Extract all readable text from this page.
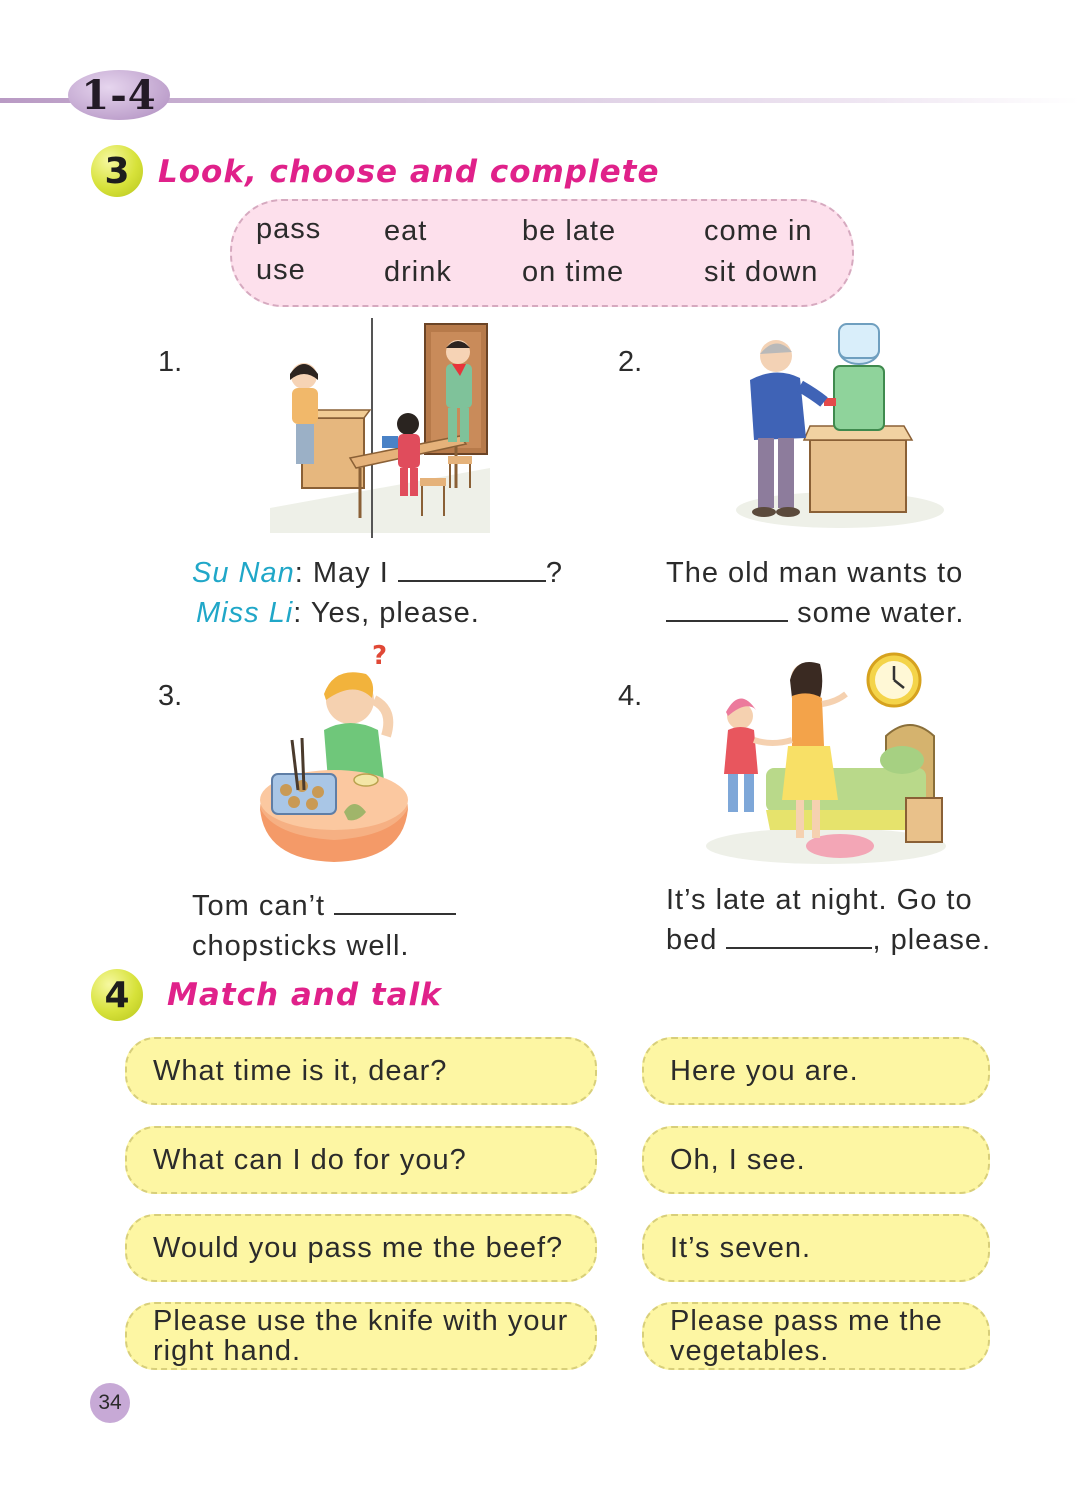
1-4
3 Look, choose and complete
pass
use
eat
drink
be late
on time
come in
sit down
1.	2.
3.	4.
?
Su Nan: May I	?
Miss Li: Yes, please.
The old man wants to
some water.
Tom can’t
chopsticks well.
It’s late at night. Go to
bed	, please.
4	Match and talk
What time is it, dear?
What can I do for you?
Would you pass me the beef?
Please use the knife with your right hand.
Here you are.
Oh, I see.
It’s seven.
Please pass me the vegetables.
34
